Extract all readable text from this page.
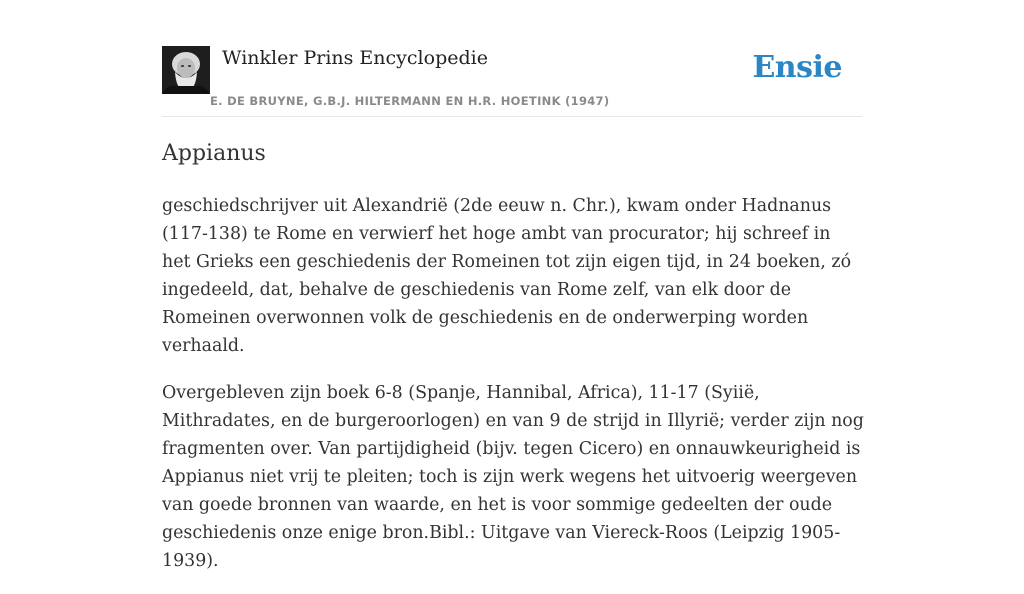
Winkler Prins Encyclopedie
E. DE BRUYNE, G.B.J. HILTERMANN EN H.R. HOETINK (1947)
Ensie
Appianus

geschiedschrijver uit Alexandrië (2de eeuw n. Chr.), kwam onder Hadnanus (117-138) te Rome en verwierf het hoge ambt van procurator; hij schreef in het Grieks een geschiedenis der Romeinen tot zijn eigen tijd, in 24 boeken, zó ingedeeld, dat, behalve de geschiedenis van Rome zelf, van elk door de Romeinen overwonnen volk de geschiedenis en de onderwerping worden verhaald.

Overgebleven zijn boek 6-8 (Spanje, Hannibal, Africa), 11-17 (Syiië, Mithradates, en de burgeroorlogen) en van 9 de strijd in Illyrië; verder zijn nog fragmenten over. Van partijdigheid (bijv. tegen Cicero) en onnauwkeurigheid is Appianus niet vrij te pleiten; toch is zijn werk wegens het uitvoerig weergeven van goede bronnen van waarde, en het is voor sommige gedeelten der oude geschiedenis onze enige bron.Bibl.: Uitgave van Viereck-Roos (Leipzig 1905-1939).
